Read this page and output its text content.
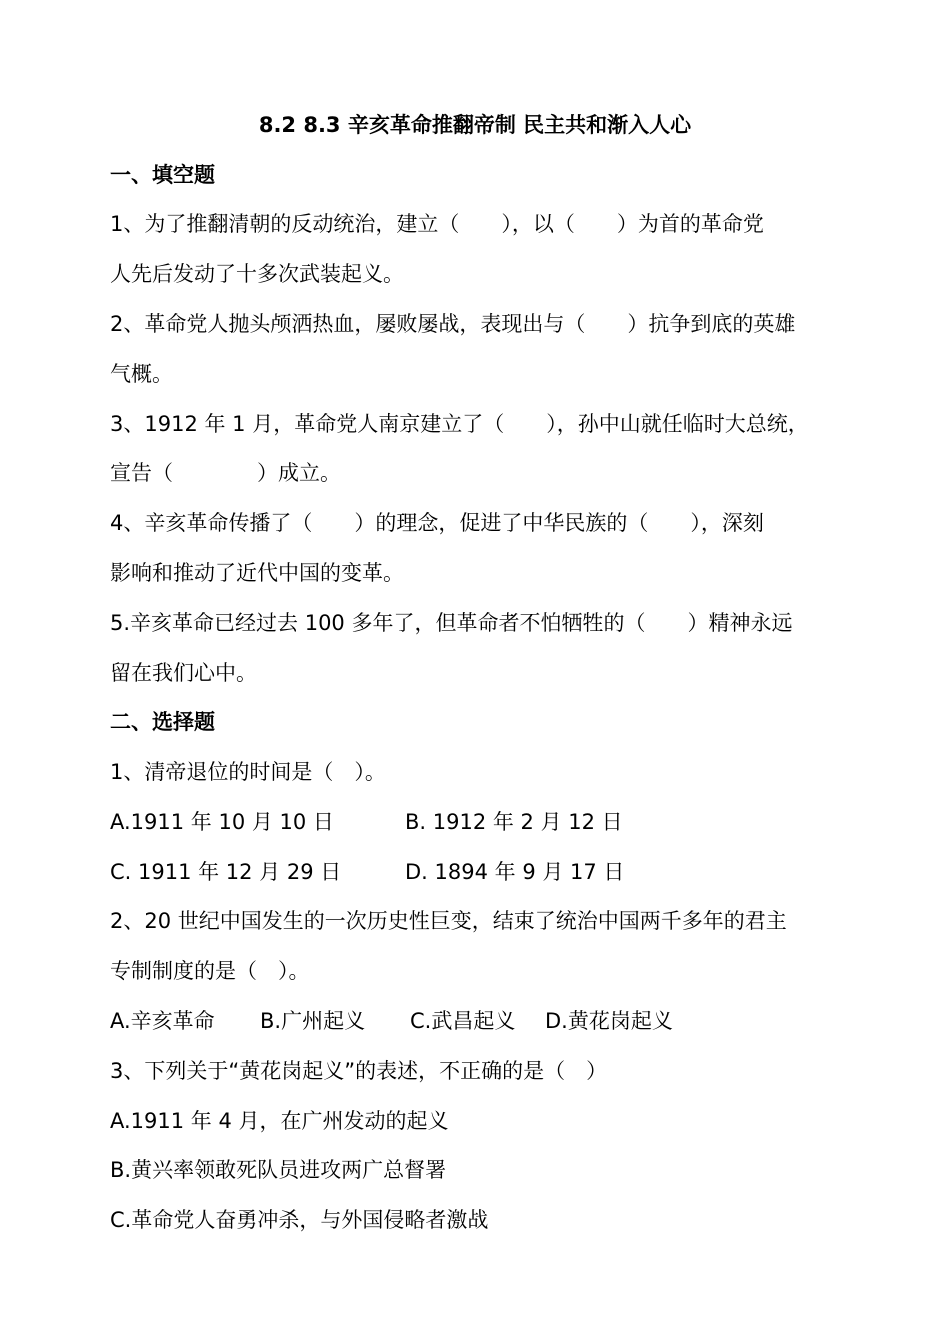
8.2 8.3 辛亥革命推翻帝制 民主共和渐入人心
一、填空题
1、为了推翻清朝的反动统治，建立（　　），以（　　）为首的革命党
人先后发动了十多次武装起义。
2、革命党人抛头颅洒热血，屡败屡战，表现出与（　　）抗争到底的英雄
气概。
3、1912 年 1 月，革命党人南京建立了（　　），孙中山就任临时大总统，
宣告（　　　　）成立。
4、辛亥革命传播了（　　）的理念，促进了中华民族的（　　），深刻
影响和推动了近代中国的变革。
5.辛亥革命已经过去 100 多年了，但革命者不怕牺牲的（　　）精神永远
留在我们心中。
二、选择题
1、清帝退位的时间是（　）。
A.1911 年 10 月 10 日	B. 1912 年 2 月 12 日
C. 1911 年 12 月 29 日	D. 1894 年 9 月 17 日
2、20 世纪中国发生的一次历史性巨变，结束了统治中国两千多年的君主
专制制度的是（　）。
A.辛亥革命 B.广州起义 C.武昌起义 D.黄花岗起义
3、下列关于“黄花岗起义”的表述，不正确的是（　）
A.1911 年 4 月，在广州发动的起义
B.黄兴率领敢死队员进攻两广总督署
C.革命党人奋勇冲杀，与外国侵略者激战
